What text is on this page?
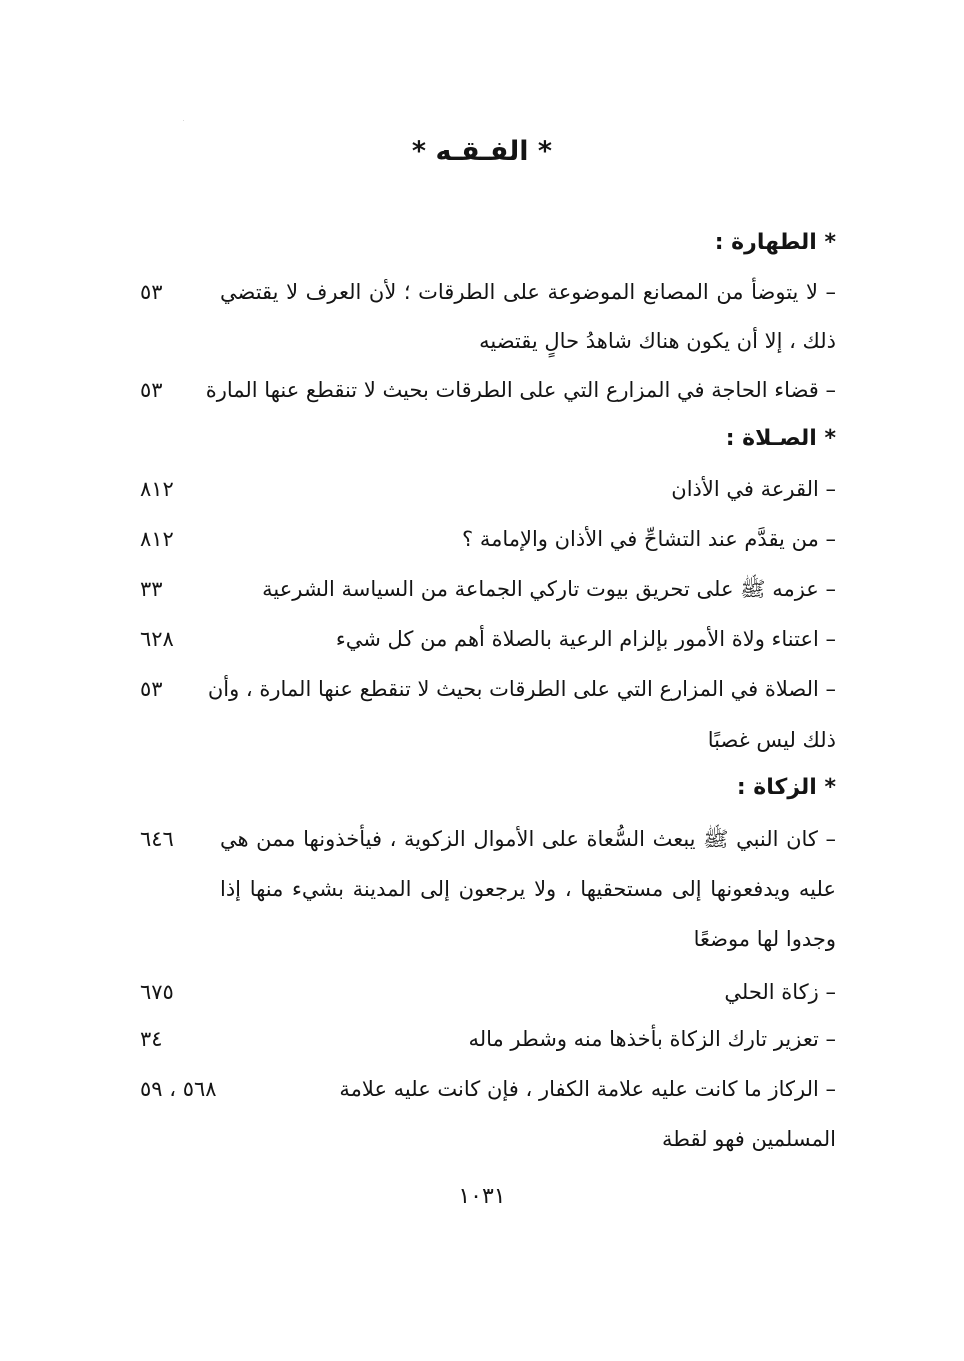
* الفـقـه *
* الطهارة :
– لا يتوضأ من المصانع الموضوعة على الطرقات ؛ لأن العرف لا يقتضي
٥٣
ذلك ، إلا أن يكون هناك شاهدُ حالٍ يقتضيه
– قضاء الحاجة في المزارع التي على الطرقات بحيث لا تنقطع عنها المارة
٥٣
* الصـلاة :
– القرعة في الأذان
٨١٢
– من يقدَّم عند التشاحِّ في الأذان والإمامة ؟
٨١٢
– عزمه ﷺ على تحريق بيوت تاركي الجماعة من السياسة الشرعية
٣٣
– اعتناء ولاة الأمور بإلزام الرعية بالصلاة أهم من كل شيء
٦٢٨
– الصلاة في المزارع التي على الطرقات بحيث لا تنقطع عنها المارة ، وأن
٥٣
ذلك ليس غصبًا
* الزكاة :
– كان النبي ﷺ يبعث السُّعاة على الأموال الزكوية ، فيأخذونها ممن هي
٦٤٦
عليه ويدفعونها إلى مستحقيها ، ولا يرجعون إلى المدينة بشيء منها إذا
وجدوا لها موضعًا
– زكاة الحلي
٦٧٥
– تعزير تارك الزكاة بأخذها منه وشطر ماله
٣٤
– الركاز ما كانت عليه علامة الكفار ، فإن كانت عليه علامة
٥٦٨ ، ٥٩
المسلمين فهو لقطة
١٠٣١
